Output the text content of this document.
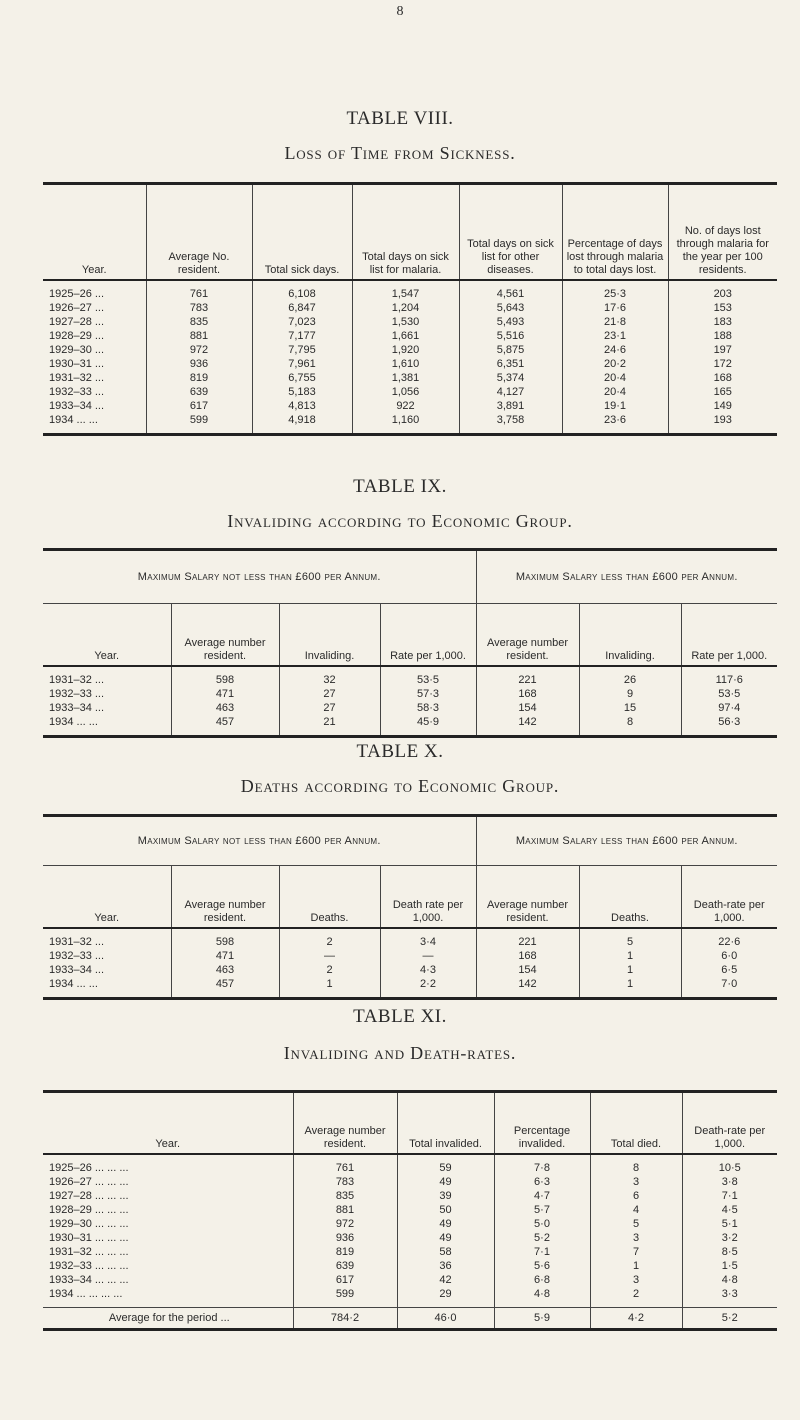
8
TABLE VIII.
Loss of Time from Sickness.
Year.	Average No. resident.	Total sick days.	Total days on sick list for malaria.	Total days on sick list for other diseases.	Percentage of days lost through malaria to total days lost.	No. of days lost through malaria for the year per 100 residents.
1925–26 ...	761	6,108	1,547	4,561	25·3	203
1926–27 ...	783	6,847	1,204	5,643	17·6	153
1927–28 ...	835	7,023	1,530	5,493	21·8	183
1928–29 ...	881	7,177	1,661	5,516	23·1	188
1929–30 ...	972	7,795	1,920	5,875	24·6	197
1930–31 ...	936	7,961	1,610	6,351	20·2	172
1931–32 ...	819	6,755	1,381	5,374	20·4	168
1932–33 ...	639	5,183	1,056	4,127	20·4	165
1933–34 ...	617	4,813	922	3,891	19·1	149
1934 ... ...	599	4,918	1,160	3,758	23·6	193
TABLE IX.
Invaliding according to Economic Group.
Maximum Salary not less than £600 per Annum.				Maximum Salary less than £600 per Annum.		
Year.	Average number resident.	Invaliding.	Rate per 1,000.	Average number resident.	Invaliding.	Rate per 1,000.
1931–32 ...	598	32	53·5	221	26	117·6
1932–33 ...	471	27	57·3	168	9	53·5
1933–34 ...	463	27	58·3	154	15	97·4
1934 ... ...	457	21	45·9	142	8	56·3
TABLE X.
Deaths according to Economic Group.
Maximum Salary not less than £600 per Annum.				Maximum Salary less than £600 per Annum.		
Year.	Average number resident.	Deaths.	Death rate per 1,000.	Average number resident.	Deaths.	Death-rate per 1,000.
1931–32 ...	598	2	3·4	221	5	22·6
1932–33 ...	471	—	—	168	1	6·0
1933–34 ...	463	2	4·3	154	1	6·5
1934 ... ...	457	1	2·2	142	1	7·0
TABLE XI.
Invaliding and Death-rates.
Year.	Average number resident.	Total invalided.	Percentage invalided.	Total died.	Death-rate per 1,000.
1925–26 ... ... ...	761	59	7·8	8	10·5
1926–27 ... ... ...	783	49	6·3	3	3·8
1927–28 ... ... ...	835	39	4·7	6	7·1
1928–29 ... ... ...	881	50	5·7	4	4·5
1929–30 ... ... ...	972	49	5·0	5	5·1
1930–31 ... ... ...	936	49	5·2	3	3·2
1931–32 ... ... ...	819	58	7·1	7	8·5
1932–33 ... ... ...	639	36	5·6	1	1·5
1933–34 ... ... ...	617	42	6·8	3	4·8
1934 ... ... ... ...	599	29	4·8	2	3·3
Average for the period ...	784·2	46·0	5·9	4·2	5·2
